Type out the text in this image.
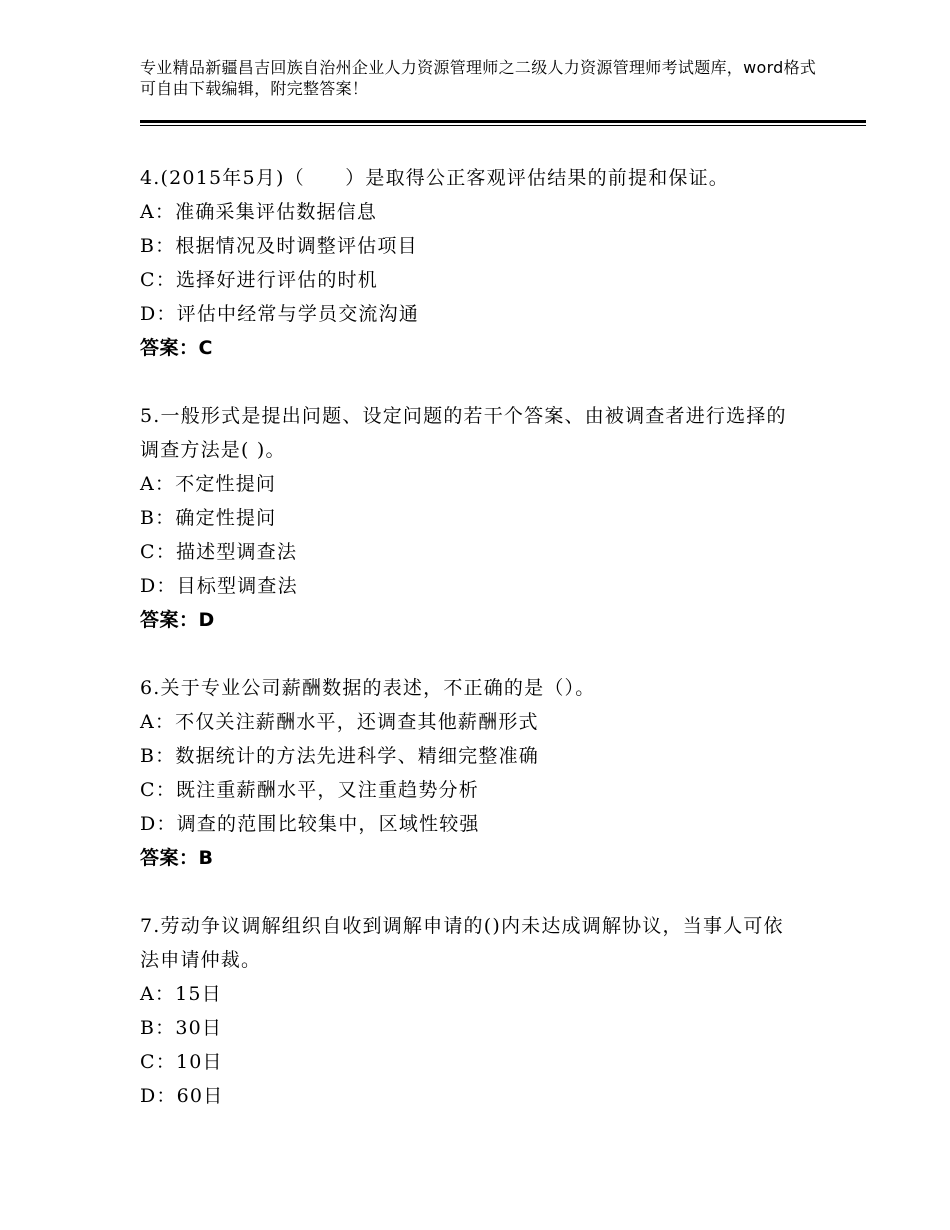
专业精品新疆昌吉回族自治州企业人力资源管理师之二级人力资源管理师考试题库，word格式可自由下载编辑，附完整答案！
4.(2015年5月)（　　）是取得公正客观评估结果的前提和保证。
A：准确采集评估数据信息
B：根据情况及时调整评估项目
C：选择好进行评估的时机
D：评估中经常与学员交流沟通
答案：C
5.一般形式是提出问题、设定问题的若干个答案、由被调查者进行选择的调查方法是( )。
A：不定性提问
B：确定性提问
C：描述型调查法
D：目标型调查法
答案：D
6.关于专业公司薪酬数据的表述，不正确的是（）。
A：不仅关注薪酬水平，还调查其他薪酬形式
B：数据统计的方法先进科学、精细完整准确
C：既注重薪酬水平，又注重趋势分析
D：调查的范围比较集中，区域性较强
答案：B
7.劳动争议调解组织自收到调解申请的()内未达成调解协议，当事人可依法申请仲裁。
A：15日
B：30日
C：10日
D：60日
